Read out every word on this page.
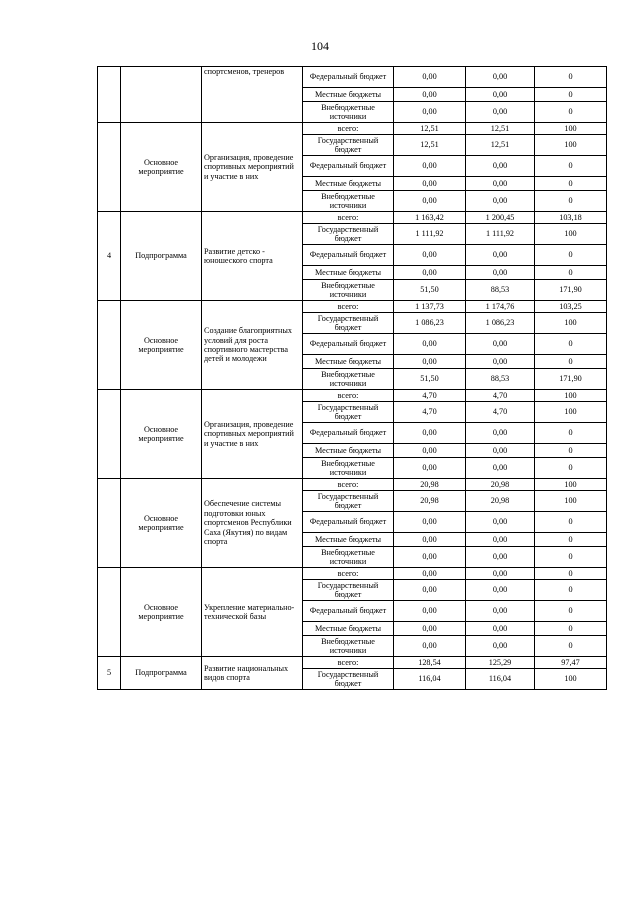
104
		спортсменов, тренеров	Федеральный бюджет	0,00	0,00	0
			Местные бюджеты	0,00	0,00	0
			Внебюджетные источники	0,00	0,00	0
	Основное мероприятие	Организация, проведение спортивных мероприятий и участие в них	всего:	12,51	12,51	100
			Государственный бюджет	12,51	12,51	100
			Федеральный бюджет	0,00	0,00	0
			Местные бюджеты	0,00	0,00	0
			Внебюджетные источники	0,00	0,00	0
4	Подпрограмма	Развитие детско - юношеского спорта	всего:	1 163,42	1 200,45	103,18
			Государственный бюджет	1 111,92	1 111,92	100
			Федеральный бюджет	0,00	0,00	0
			Местные бюджеты	0,00	0,00	0
			Внебюджетные источники	51,50	88,53	171,90
	Основное мероприятие	Создание благоприятных условий для роста спортивного мастерства детей и молодежи	всего:	1 137,73	1 174,76	103,25
			Государственный бюджет	1 086,23	1 086,23	100
			Федеральный бюджет	0,00	0,00	0
			Местные бюджеты	0,00	0,00	0
			Внебюджетные источники	51,50	88,53	171,90
	Основное мероприятие	Организация, проведение спортивных мероприятий и участие в них	всего:	4,70	4,70	100
			Государственный бюджет	4,70	4,70	100
			Федеральный бюджет	0,00	0,00	0
			Местные бюджеты	0,00	0,00	0
			Внебюджетные источники	0,00	0,00	0
	Основное мероприятие	Обеспечение системы подготовки юных спортсменов Республики Саха (Якутия) по видам спорта	всего:	20,98	20,98	100
			Государственный бюджет	20,98	20,98	100
			Федеральный бюджет	0,00	0,00	0
			Местные бюджеты	0,00	0,00	0
			Внебюджетные источники	0,00	0,00	0
	Основное мероприятие	Укрепление материально-технической базы	всего:	0,00	0,00	0
			Государственный бюджет	0,00	0,00	0
			Федеральный бюджет	0,00	0,00	0
			Местные бюджеты	0,00	0,00	0
			Внебюджетные источники	0,00	0,00	0
5	Подпрограмма	Развитие национальных видов спорта	всего:	128,54	125,29	97,47
			Государственный бюджет	116,04	116,04	100
